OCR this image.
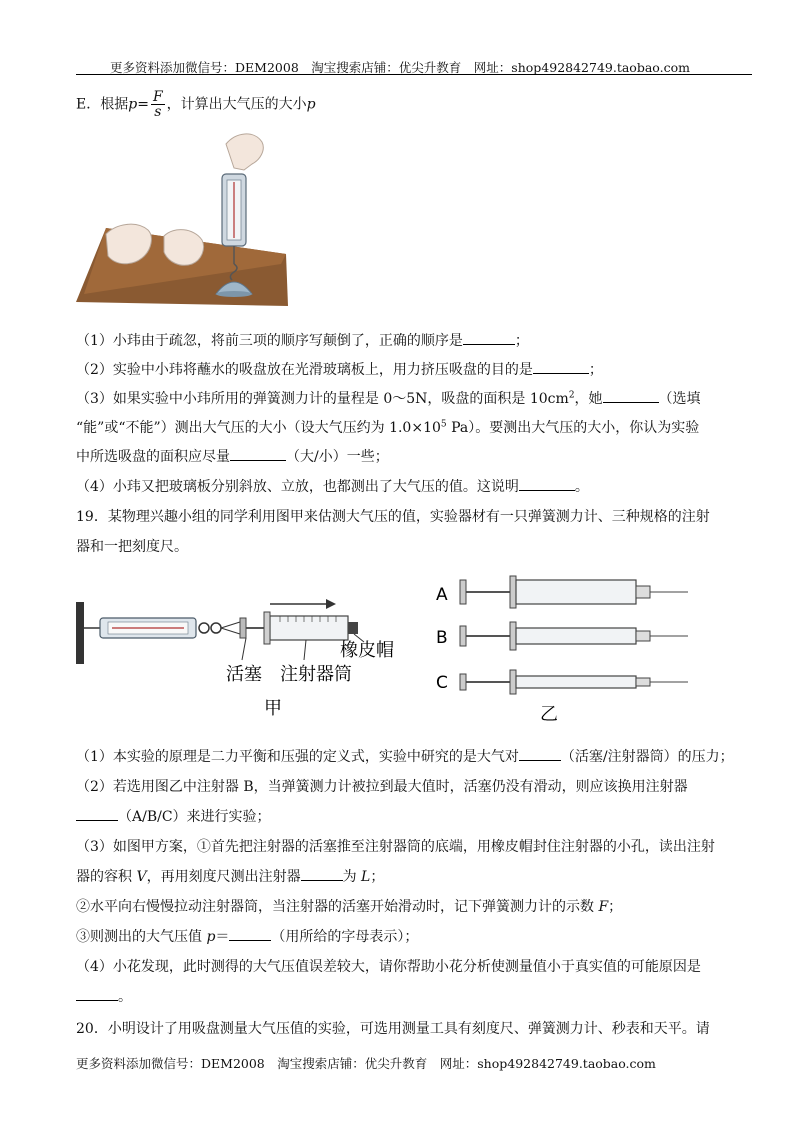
更多资料添加微信号：DEM2008　淘宝搜索店铺：优尖升教育　网址：shop492842749.taobao.com
E．根据$p= \frac{F}{s}$ ，计算出大气压的大小p
（1）小玮由于疏忽，将前三项的顺序写颠倒了，正确的顺序是	；
（2）实验中小玮将蘸水的吸盘放在光滑玻璃板上，用力挤压吸盘的目的是	；
（3）如果实验中小玮所用的弹簧测力计的量程是 0～5N，吸盘的面积是 $10cm^2$，她	（选填
“能”或“不能”）测出大气压的大小（设大气压约为 $1.0\times 10^5$ Pa）。要测出大气压的大小，你认为实验
中所选吸盘的面积应尽量	（大/小）一些；
（4）小玮又把玻璃板分别斜放、立放，也都测出了大气压的值。这说明	。
19．某物理兴趣小组的同学利用图甲来估测大气压的值，实验器材有一只弹簧测力计、三种规格的注射
器和一把刻度尺。
橡皮帽
活塞 注射器筒
甲
A
B
C
乙
（1）本实验的原理是二力平衡和压强的定义式，实验中研究的是大气对	（活塞/注射器筒）的压力；
（2）若选用图乙中注射器 B，当弹簧测力计被拉到最大值时，活塞仍没有滑动，则应该换用注射器
（A/B/C）来进行实验；
（3）如图甲方案，①首先把注射器的活塞推至注射器筒的底端，用橡皮帽封住注射器的小孔，读出注射
器的容积 V，再用刻度尺测出注射器	为 L；
②水平向右慢慢拉动注射器筒，当注射器的活塞开始滑动时，记下弹簧测力计的示数 F；
③则测出的大气压值 p＝	（用所给的字母表示）；
（4）小花发现，此时测得的大气压值误差较大，请你帮助小花分析使测量值小于真实值的可能原因是
。
20．小明设计了用吸盘测量大气压值的实验，可选用测量工具有刻度尺、弹簧测力计、秒表和天平。请
更多资料添加微信号：DEM2008　淘宝搜索店铺：优尖升教育　网址：shop492842749.taobao.com
